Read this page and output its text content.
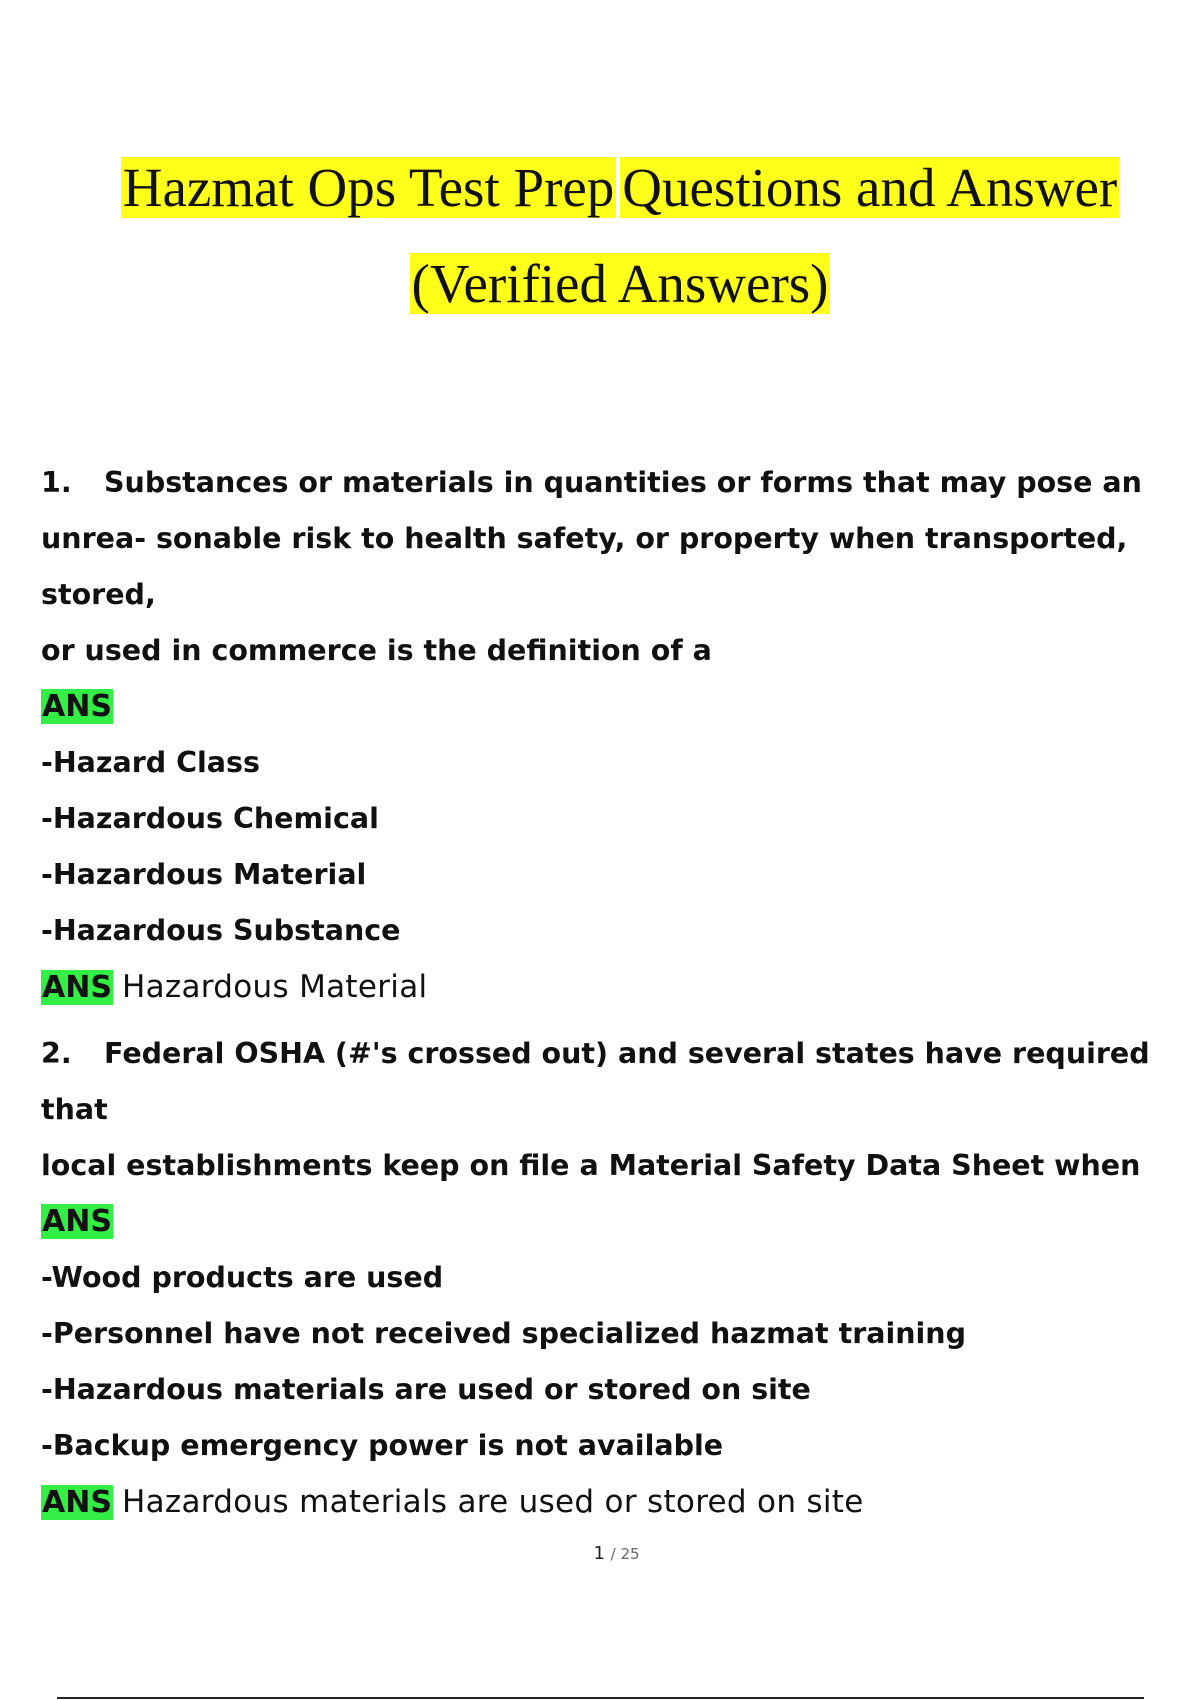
Hazmat Ops Test Prep Questions and Answer
(Verified Answers)

1. Substances or materials in quantities or forms that may pose an
unrea- sonable risk to health safety, or property when transported, stored,
or used in commerce is the definition of a

ANS

-Hazard Class

-Hazardous Chemical

-Hazardous Material

-Hazardous Substance

ANS Hazardous Material

2. Federal OSHA (#'s crossed out) and several states have required that
local establishments keep on file a Material Safety Data Sheet when

ANS

-Wood products are used

-Personnel have not received specialized hazmat training

-Hazardous materials are used or stored on site

-Backup emergency power is not available

ANS Hazardous materials are used or stored on site

1 / 25
